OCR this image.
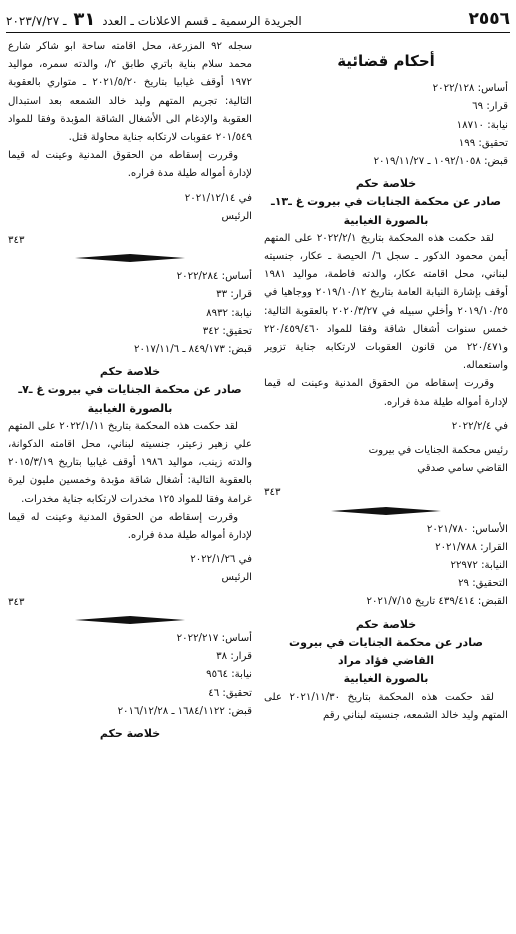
٢٥٥٦
الجريدة الرسمية ـ قسم الاعلانات ـ العدد ٣١ ـ ٢٠٢٣/٧/٢٧
أحكام قضائية
أساس: ٢٠٢٢/١٢٨
قرار: ٦٩
نيابة: ١٨٧١٠
تحقيق: ١٩٩
قبض: ١٠٩٢/١٠٥٨ ـ ٢٠١٩/١١/٢٧
خلاصة حكم
صادر عن محكمة الجنايات في بيروت غ ـ١٣ـ
بالصورة الغيابية

لقد حكمت هذه المحكمة بتاريخ ٢٠٢٢/٢/١ على المتهم أيمن محمود الدكور ـ سجل ٦/ الحيصة ـ عكار، جنسيته لبناني، محل اقامته عكار، والدته فاطمة، مواليد ١٩٨١ أوقف بإشارة النيابة العامة بتاريخ ٢٠١٩/١٠/١٢ ووجاهيا في ٢٠١٩/١٠/٢٥ وأخلي سبيله في ٢٠٢٠/٣/٢٧ بالعقوبة التالية: خمس سنوات أشغال شاقة وفقا للمواد ٢٢٠/٤٥٩/٤٦٠ و٢٢٠/٤٧١ من قانون العقوبات لارتكابه جناية تزوير واستعماله.

وقررت إسقاطه من الحقوق المدنية وعينت له قيما لإدارة أمواله طيلة مدة فراره.

في ٢٠٢٢/٢/٤
رئيس محكمة الجنايات في بيروت
القاضي سامي صدقي
٣٤٣
الأساس: ٢٠٢١/٧٨٠
القرار: ٢٠٢١/٧٨٨
النيابة: ٢٢٩٧٢
التحقيق: ٢٩
القبض: ٤٣٩/٤١٤ تاريخ ٢٠٢١/٧/١٥
خلاصة حكم
صادر عن محكمة الجنايات في بيروت
القاضي فؤاد مراد
بالصورة الغيابية

لقد حكمت هذه المحكمة بتاريخ ٢٠٢١/١١/٣٠ على المتهم وليد خالد الشمعه، جنسيته لبناني رقم

سجله ٩٢ المزرعة، محل اقامته ساحة ابو شاكر شارع محمد سلام بناية باتري طابق ٢/، والدته سمره، مواليد ١٩٧٢ أوقف غيابيا بتاريخ ٢٠٢١/٥/٢٠ ـ متواري بالعقوبة التالية: تجريم المتهم وليد خالد الشمعه بعد استبدال العقوبة والإدغام الى الأشغال الشاقة المؤبدة وفقا للمواد ٢٠١/٥٤٩ عقوبات لارتكابه جناية محاولة قتل.

وقررت إسقاطه من الحقوق المدنية وعينت له قيما لإدارة أمواله طيلة مدة فراره.

في ٢٠٢١/١٢/١٤
الرئيس
٣٤٣
أساس: ٢٠٢٢/٢٨٤
قرار: ٣٣
نيابة: ٨٩٣٢
تحقيق: ٣٤٢
قبض: ٨٤٩/١٧٣ ـ ٢٠١٧/١١/٦
خلاصة حكم
صادر عن محكمة الجنايات في بيروت غ ـ٧ـ
بالصورة الغيابية

لقد حكمت هذه المحكمة بتاريخ ٢٠٢٢/١/١١ على المتهم علي زهير زعيتر، جنسيته لبناني، محل اقامته الدكوانة، والدته زينب، مواليد ١٩٨٦ أوقف غيابيا بتاريخ ٢٠١٥/٣/١٩ بالعقوبة التالية: أشغال شاقة مؤبدة وخمسين مليون ليرة غرامة وفقا للمواد ١٢٥ مخدرات لارتكابه جناية مخدرات.

وقررت إسقاطه من الحقوق المدنية وعينت له قيما لإدارة أمواله طيلة مدة فراره.

في ٢٠٢٢/١/٢٦
الرئيس
٣٤٣
أساس: ٢٠٢٢/٢١٧
قرار: ٣٨
نيابة: ٩٥٦٤
تحقيق: ٤٦
قبض: ١٦٨٤/١١٢٢ ـ ٢٠١٦/١٢/٢٨
خلاصة حكم
